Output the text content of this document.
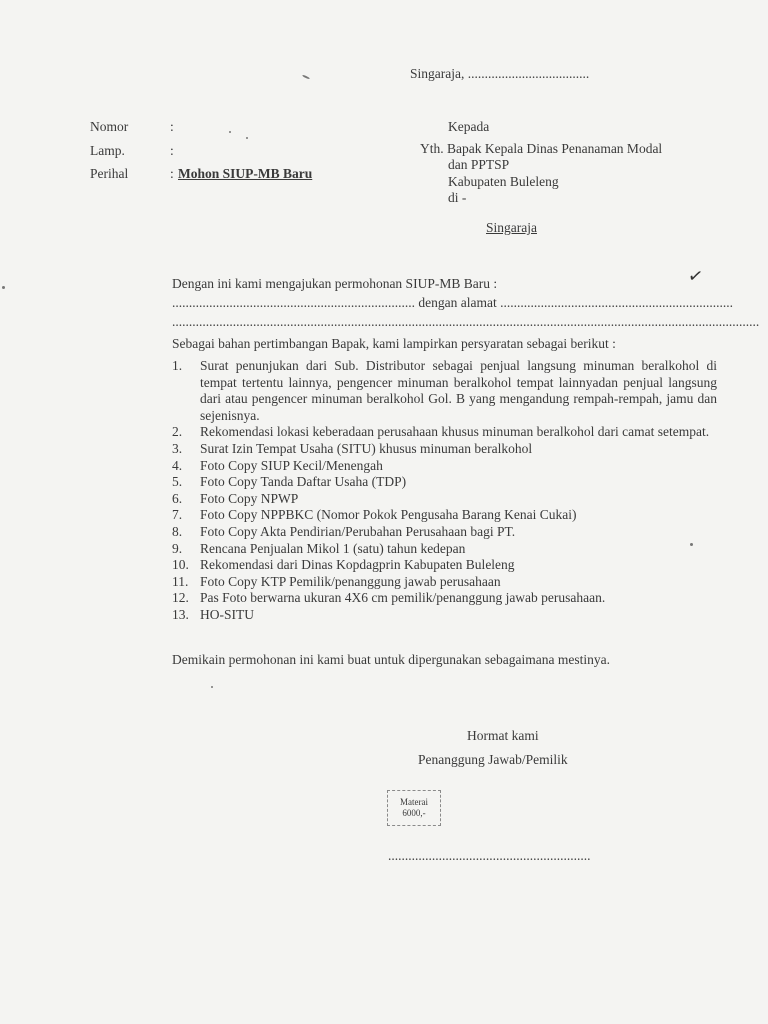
Singaraja, ....................................
Nomor	:
Lamp.	:
Perihal	: Mohon SIUP-MB Baru
Kepada
Yth. Bapak Kepala Dinas Penanaman Modal
dan PPTSP
Kabupaten Buleleng
di -
Singaraja
Dengan ini kami mengajukan permohonan SIUP-MB Baru :	✓
........................................................................ dengan alamat .....................................................................
..............................................................................................................................................................................
Sebagai bahan pertimbangan Bapak, kami lampirkan persyaratan sebagai berikut :
1.	Surat penunjukan dari Sub. Distributor sebagai penjual langsung minuman beralkohol di tempat tertentu lainnya, pengencer minuman beralkohol tempat lainnyadan penjual langsung dari atau pengencer minuman beralkohol Gol. B yang mengandung rempah-rempah, jamu dan sejenisnya.
2.	Rekomendasi lokasi keberadaan perusahaan khusus minuman beralkohol dari camat setempat.
3.	Surat Izin Tempat Usaha (SITU) khusus minuman beralkohol
4.	Foto Copy SIUP Kecil/Menengah
5.	Foto Copy Tanda Daftar Usaha (TDP)
6.	Foto Copy NPWP
7.	Foto Copy NPPBKC (Nomor Pokok Pengusaha Barang Kenai Cukai)
8.	Foto Copy Akta Pendirian/Perubahan Perusahaan bagi PT.
9.	Rencana Penjualan Mikol 1 (satu) tahun kedepan
10. Rekomendasi dari Dinas Kopdagprin Kabupaten Buleleng
11. Foto Copy KTP Pemilik/penanggung jawab perusahaan
12. Pas Foto berwarna ukuran 4X6 cm pemilik/penanggung jawab perusahaan.
13. HO-SITU
Demikain permohonan ini kami buat untuk dipergunakan sebagaimana mestinya.
Hormat kami
Penanggung Jawab/Pemilik
Materai
6000,-
............................................................
